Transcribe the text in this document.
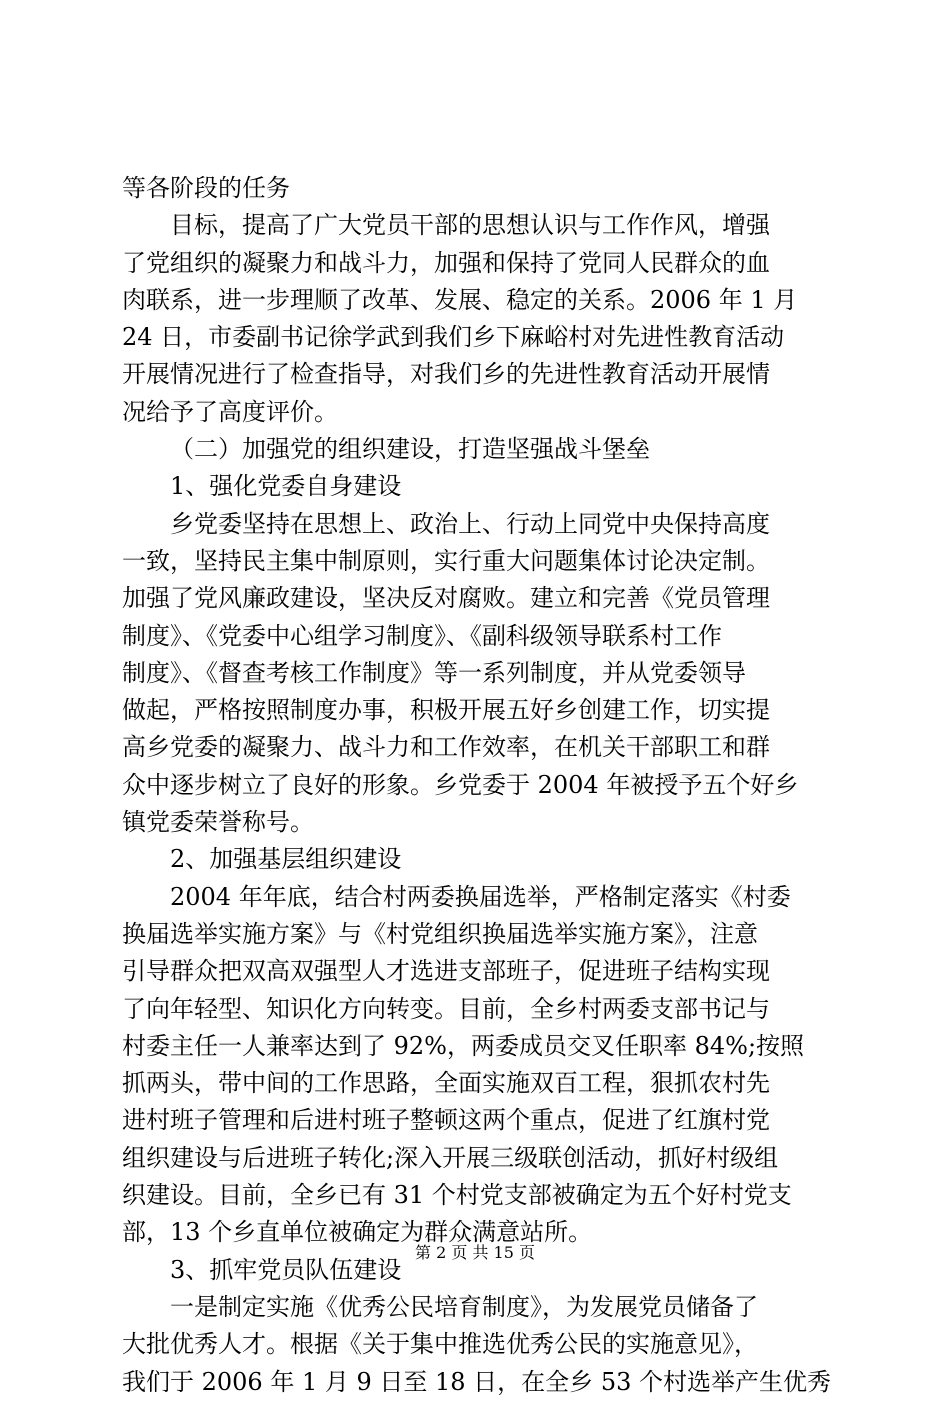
等各阶段的任务
目标，提高了广大党员干部的思想认识与工作作风，增强
了党组织的凝聚力和战斗力，加强和保持了党同人民群众的血
肉联系，进一步理顺了改革、发展、稳定的关系。2006 年 1 月
24 日，市委副书记徐学武到我们乡下麻峪村对先进性教育活动
开展情况进行了检查指导，对我们乡的先进性教育活动开展情
况给予了高度评价。
（二）加强党的组织建设，打造坚强战斗堡垒
1、强化党委自身建设
乡党委坚持在思想上、政治上、行动上同党中央保持高度
一致，坚持民主集中制原则，实行重大问题集体讨论决定制。
加强了党风廉政建设，坚决反对腐败。建立和完善《党员管理
制度》、《党委中心组学习制度》、《副科级领导联系村工作
制度》、《督查考核工作制度》等一系列制度，并从党委领导
做起，严格按照制度办事，积极开展五好乡创建工作，切实提
高乡党委的凝聚力、战斗力和工作效率，在机关干部职工和群
众中逐步树立了良好的形象。乡党委于 2004 年被授予五个好乡
镇党委荣誉称号。
2、加强基层组织建设
2004 年年底，结合村两委换届选举，严格制定落实《村委
换届选举实施方案》与《村党组织换届选举实施方案》，注意
引导群众把双高双强型人才选进支部班子，促进班子结构实现
了向年轻型、知识化方向转变。目前，全乡村两委支部书记与
村委主任一人兼率达到了 92%，两委成员交叉任职率 84%;按照
抓两头，带中间的工作思路，全面实施双百工程，狠抓农村先
进村班子管理和后进村班子整顿这两个重点，促进了红旗村党
组织建设与后进班子转化;深入开展三级联创活动，抓好村级组
织建设。目前，全乡已有 31 个村党支部被确定为五个好村党支
部，13 个乡直单位被确定为群众满意站所。
3、抓牢党员队伍建设
一是制定实施《优秀公民培育制度》，为发展党员储备了
大批优秀人才。根据《关于集中推选优秀公民的实施意见》，
我们于 2006 年 1 月 9 日至 18 日，在全乡 53 个村选举产生优秀
第 2 页 共 15 页
